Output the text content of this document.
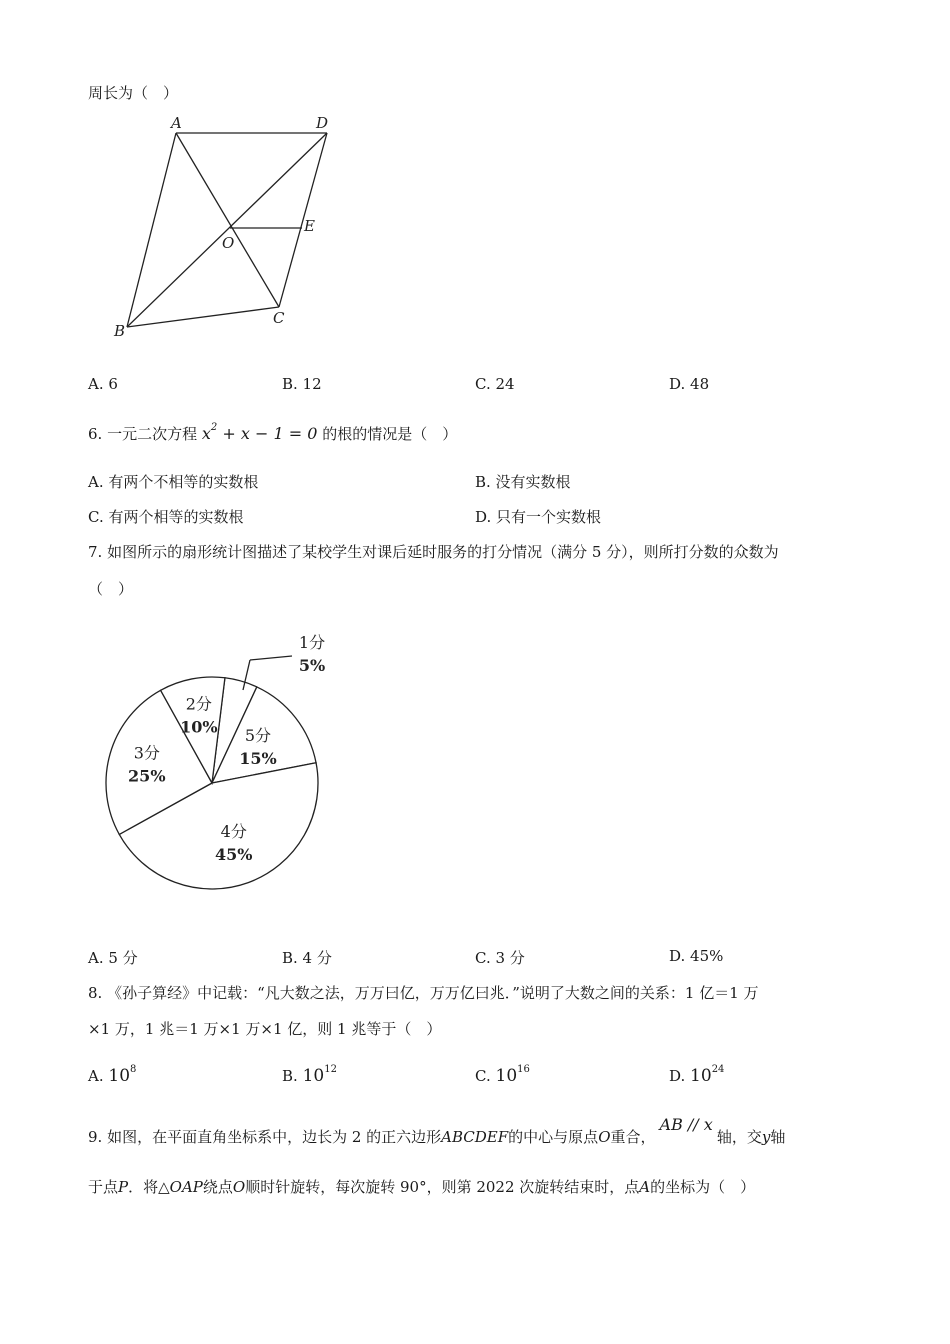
周长为（　）
A	D
E
O
B
C
A. 6	B. 12	C. 24	D. 48
6. 一元二次方程 $x^2 + x - 1 = 0$ 的根的情况是（　）
A. 有两个不相等的实数根	B. 没有实数根
C. 有两个相等的实数根	D. 只有一个实数根
7. 如图所示的扇形统计图描述了某校学生对课后延时服务的打分情况（满分 5 分），则所打分数的众数为
（　）
1分
5%
5分
15%
4分
45%
3分
25%
2分
10%
A. 5 分	B. 4 分	C. 3 分	D. 45%
8. 《孙子算经》中记载：“凡大数之法，万万曰亿，万万亿曰兆．”说明了大数之间的关系：1 亿＝1 万
×1 万，1 兆＝1 万×1 万×1 亿，则 1 兆等于（　）
A. $10^8$	B. $10^{12}$	C. $10^{16}$	D. $10^{24}$
9. 如图，在平面直角坐标系中，边长为 2 的正六边形ABCDEF的中心与原点O重合，AB // x轴，交y轴
于点P．将△OAP绕点O顺时针旋转，每次旋转 90°，则第 2022 次旋转结束时，点A的坐标为（　）
